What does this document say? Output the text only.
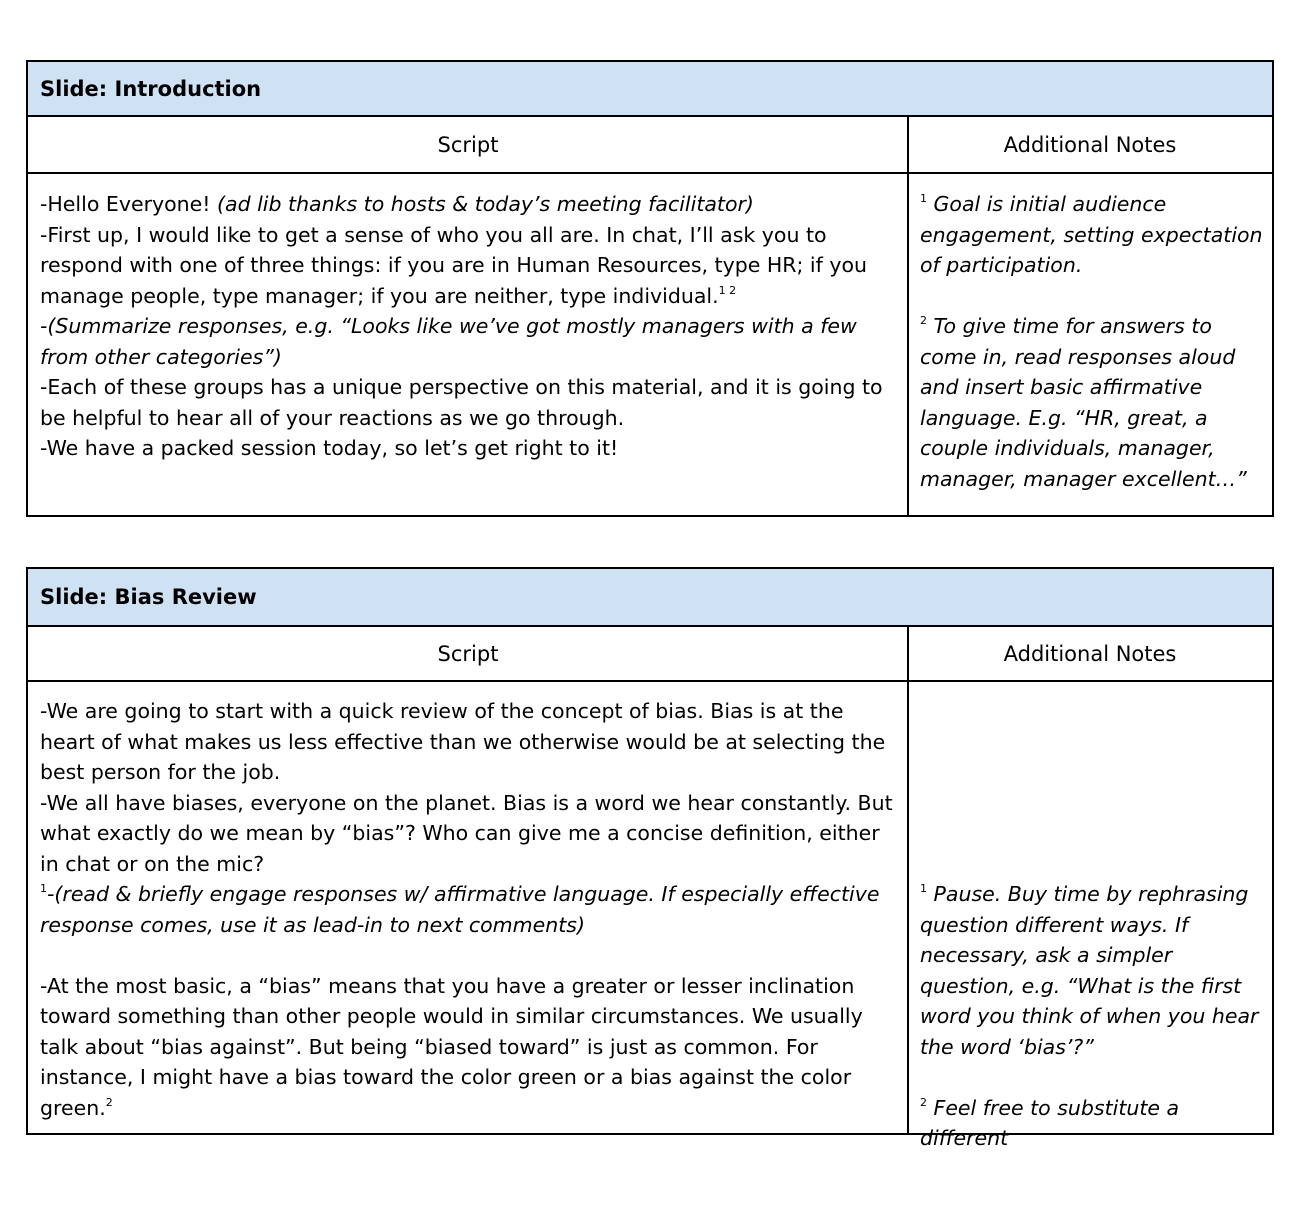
Slide: Introduction
Script	Additional Notes

-Hello Everyone! (ad lib thanks to hosts & today’s meeting facilitator)

-First up, I would like to get a sense of who you all are. In chat, I’ll ask you to respond with one of three things: if you are in Human Resources, type HR; if you manage people, type manager; if you are neither, type individual.$^{1 2}$

-(Summarize responses, e.g. “Looks like we’ve got mostly managers with a few from other categories”)

-Each of these groups has a unique perspective on this material, and it is going to be helpful to hear all of your reactions as we go through.

-We have a packed session today, so let’s get right to it!

$^1$ Goal is initial audience engagement, setting expectation of participation.

$^2$ To give time for answers to come in, read responses aloud and insert basic affirmative language. E.g. “HR, great, a couple individuals, manager, manager, manager excellent…”

Slide: Bias Review
Script	Additional Notes

-We are going to start with a quick review of the concept of bias. Bias is at the heart of what makes us less effective than we otherwise would be at selecting the best person for the job.

-We all have biases, everyone on the planet. Bias is a word we hear constantly. But what exactly do we mean by “bias”? Who can give me a concise definition, either in chat or on the mic?

$^1$-(read & briefly engage responses w/ affirmative language. If especially effective response comes, use it as lead-in to next comments)

-At the most basic, a “bias” means that you have a greater or lesser inclination toward something than other people would in similar circumstances. We usually talk about “bias against”. But being “biased toward” is just as common. For instance, I might have a bias toward the color green or a bias against the color green.$^2$

$^1$ Pause. Buy time by rephrasing question different ways. If necessary, ask a simpler question, e.g. “What is the first word you think of when you hear the word ‘bias’?”

$^2$ Feel free to substitute a different
